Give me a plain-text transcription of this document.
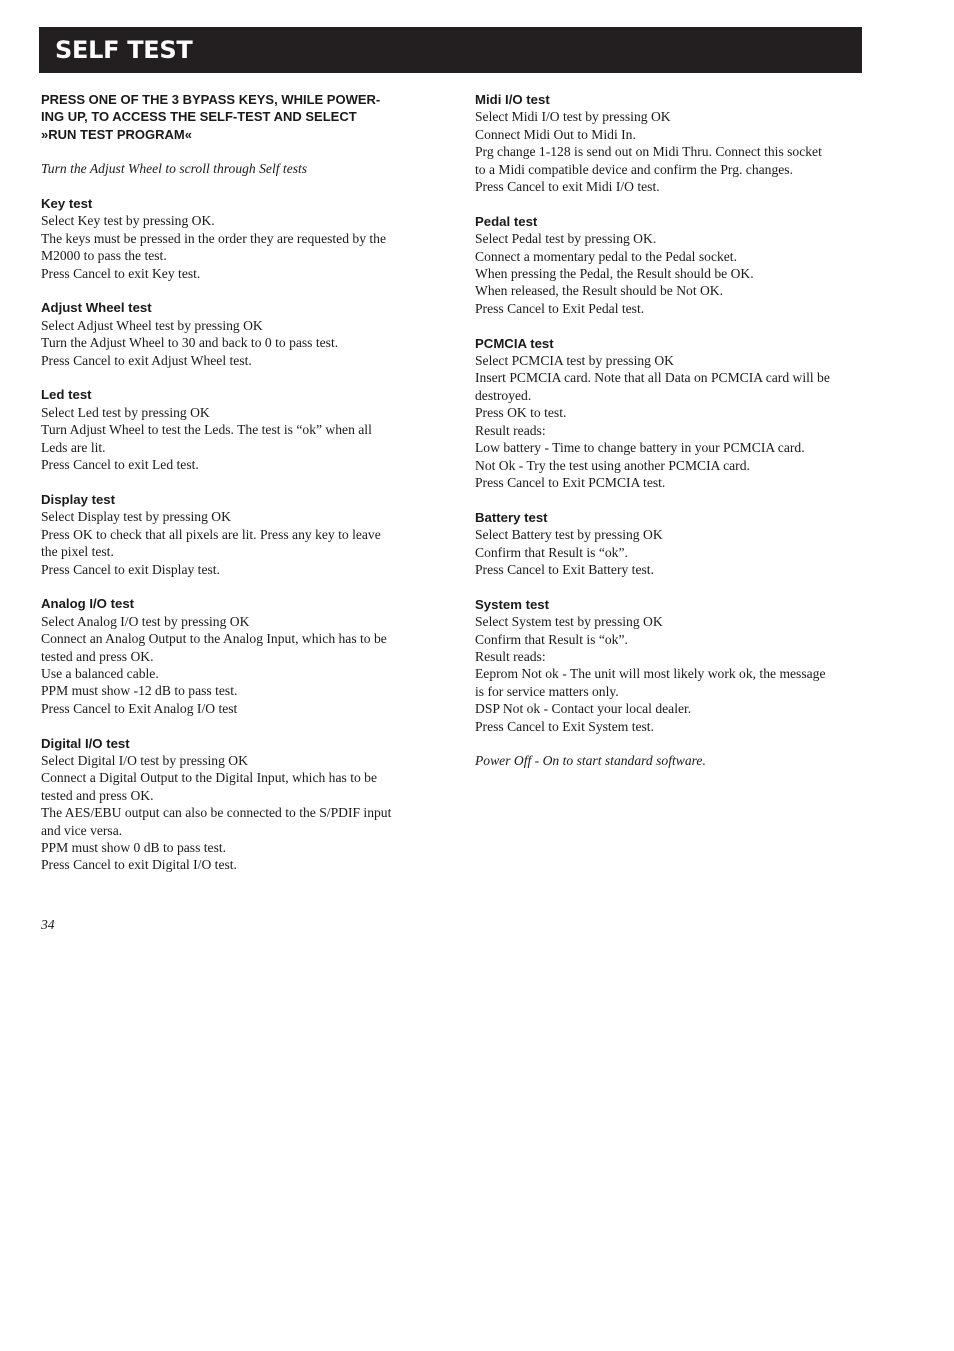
SELF TEST

PRESS ONE OF THE 3 BYPASS KEYS, WHILE POWER-
ING UP, TO ACCESS THE SELF-TEST AND SELECT
»RUN TEST PROGRAM«

Turn the Adjust Wheel to scroll through Self tests

Key test
Select Key test by pressing OK.
The keys must be pressed in the order they are requested by the
M2000 to pass the test.
Press Cancel to exit Key test.
Adjust Wheel test
Select Adjust Wheel test by pressing OK
Turn the Adjust Wheel to 30 and back to 0 to pass test.
Press Cancel to exit Adjust Wheel test.
Led test
Select Led test by pressing OK
Turn Adjust Wheel to test the Leds. The test is “ok” when all
Leds are lit.
Press Cancel to exit Led test.
Display test
Select Display test by pressing OK
Press OK to check that all pixels are lit. Press any key to leave
the pixel test.
Press Cancel to exit Display test.
Analog I/O test
Select Analog I/O test by pressing OK
Connect an Analog Output to the Analog Input, which has to be
tested and press OK.
Use a balanced cable.
PPM must show -12 dB to pass test.
Press Cancel to Exit Analog I/O test
Digital I/O test
Select Digital I/O test by pressing OK
Connect a Digital Output to the Digital Input, which has to be
tested and press OK.
The AES/EBU output can also be connected to the S/PDIF input
and vice versa.
PPM must show 0 dB to pass test.
Press Cancel to exit Digital I/O test.
Midi I/O test
Select Midi I/O test by pressing OK
Connect Midi Out to Midi In.
Prg change 1-128 is send out on Midi Thru. Connect this socket
to a Midi compatible device and confirm the Prg. changes.
Press Cancel to exit Midi I/O test.
Pedal test
Select Pedal test by pressing OK.
Connect a momentary pedal to the Pedal socket.
When pressing the Pedal, the Result should be OK.
When released, the Result should be Not OK.
Press Cancel to Exit Pedal test.
PCMCIA test
Select PCMCIA test by pressing OK
Insert PCMCIA card. Note that all Data on PCMCIA card will be
destroyed.
Press OK to test.
Result reads:
Low battery - Time to change battery in your PCMCIA card.
Not Ok - Try the test using another PCMCIA card.
Press Cancel to Exit PCMCIA test.
Battery test
Select Battery test by pressing OK
Confirm that Result is “ok”.
Press Cancel to Exit Battery test.
System test
Select System test by pressing OK
Confirm that Result is “ok”.
Result reads:
Eeprom Not ok - The unit will most likely work ok, the message
is for service matters only.
DSP Not ok - Contact your local dealer.
Press Cancel to Exit System test.

Power Off - On to start standard software.

34
